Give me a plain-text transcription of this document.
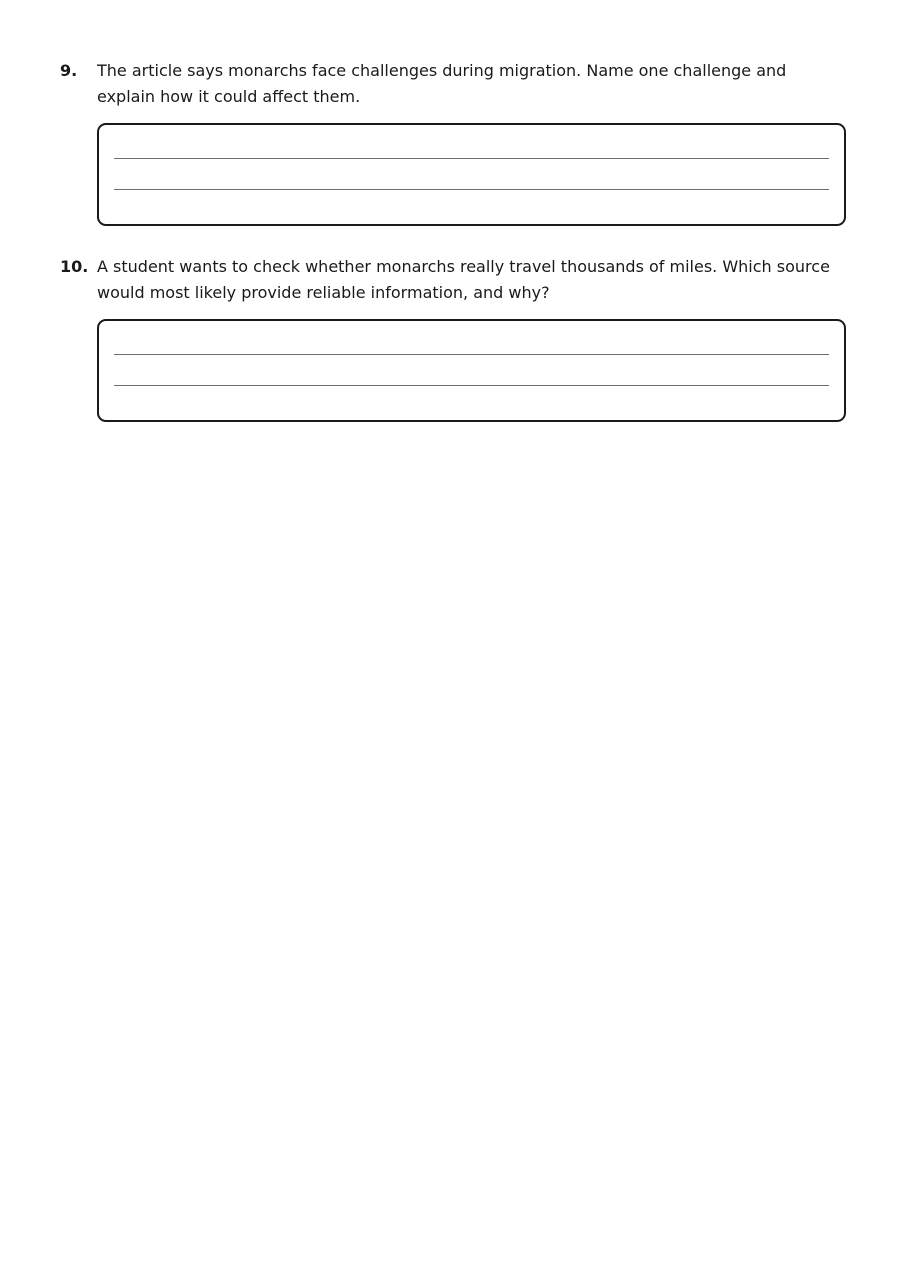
9. The article says monarchs face challenges during migration. Name one challenge and explain how it could affect them.
10. A student wants to check whether monarchs really travel thousands of miles. Which source would most likely provide reliable information, and why?
